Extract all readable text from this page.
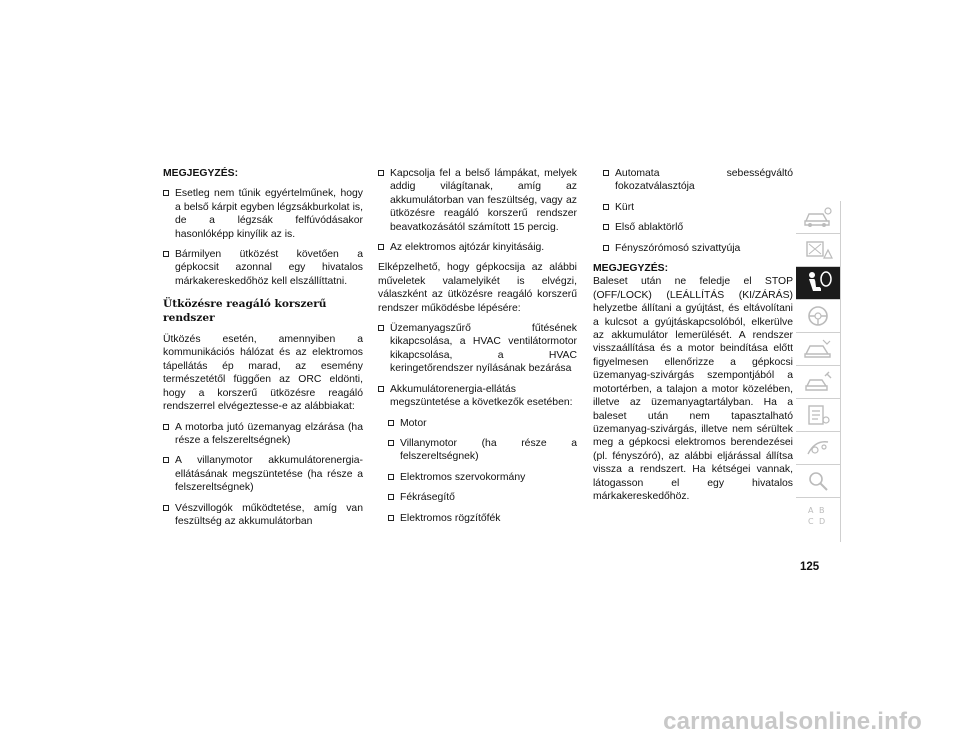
MEGJEGYZÉS:

Esetleg nem tűnik egyértelműnek, hogy a belső kárpit egyben légzsákburkolat is, de a légzsák felfúvódásakor hasonlóképp kinyílik az is.

Bármilyen ütközést követően a gépkocsit azonnal egy hivatalos márkakereskedőhöz kell elszállíttatni.

Ütközésre reagáló korszerű rendszer

Ütközés esetén, amennyiben a kommunikációs hálózat és az elektromos tápellátás ép marad, az esemény természetétől függően az ORC eldönti, hogy a korszerű ütközésre reagáló rendszerrel elvégeztesse-e az alábbiakat:

A motorba jutó üzemanyag elzárása (ha része a felszereltségnek)

A villanymotor akkumulátorenergia-ellátásának megszüntetése (ha része a felszereltségnek)

Vészvillogók működtetése, amíg van feszültség az akkumulátorban

Kapcsolja fel a belső lámpákat, melyek addig világítanak, amíg az akkumulátorban van feszültség, vagy az ütközésre reagáló korszerű rendszer beavatkozásától számított 15 percig.

Az elektromos ajtózár kinyitásáig.

Elképzelhető, hogy gépkocsija az alábbi műveletek valamelyikét is elvégzi, válaszként az ütközésre reagáló korszerű rendszer működésbe lépésére:

Üzemanyagszűrő fűtésének kikapcsolása, a HVAC ventilátormotor kikapcsolása, a HVAC keringetőrendszer nyílásának bezárása

Akkumulátorenergia-ellátás megszüntetése a következők esetében:

Motor

Villanymotor (ha része a felszereltségnek)

Elektromos szervokormány

Fékrásegítő

Elektromos rögzítőfék

Automata sebességváltó fokozatválasztója

Kürt

Első ablaktörlő

Fényszórómosó szivattyúja

MEGJEGYZÉS:

Baleset után ne feledje el STOP (OFF/LOCK) (LEÁLLÍTÁS (KI/ZÁRÁS) helyzetbe állítani a gyújtást, és eltávolítani a kulcsot a gyújtáskapcsolóból, elkerülve az akkumulátor lemerülését. A rendszer visszaállítása és a motor beindítása előtt figyelmesen ellenőrizze a gépkocsi üzemanyag-szivárgás szempontjából a motortérben, a talajon a motor közelében, illetve az üzemanyagtartályban. Ha a baleset után nem tapasztalható üzemanyag-szivárgás, illetve nem sérültek meg a gépkocsi elektromos berendezései (pl. fényszóró), az alábbi eljárással állítsa vissza a rendszert. Ha kétségei vannak, látogasson el egy hivatalos márkakereskedőhöz.

A B
C D
125
carmanualsonline.info
